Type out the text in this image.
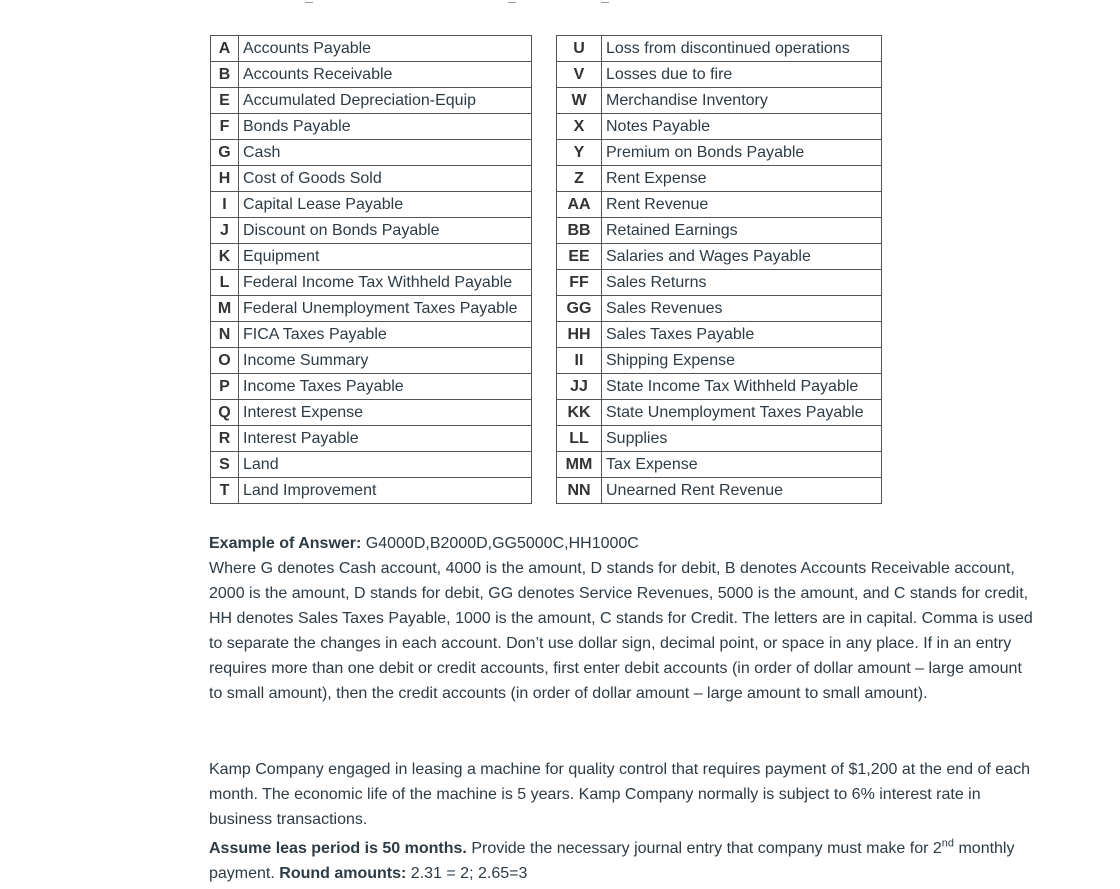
A	Accounts Payable
B	Accounts Receivable
E	Accumulated Depreciation-Equip
F	Bonds Payable
G	Cash
H	Cost of Goods Sold
I	Capital Lease Payable
J	Discount on Bonds Payable
K	Equipment
L	Federal Income Tax Withheld Payable
M	Federal Unemployment Taxes Payable
N	FICA Taxes Payable
O	Income Summary
P	Income Taxes Payable
Q	Interest Expense
R	Interest Payable
S	Land
T	Land Improvement
U	Loss from discontinued operations
V	Losses due to fire
W	Merchandise Inventory
X	Notes Payable
Y	Premium on Bonds Payable
Z	Rent Expense
AA	Rent Revenue
BB	Retained Earnings
EE	Salaries and Wages Payable
FF	Sales Returns
GG	Sales Revenues
HH	Sales Taxes Payable
II	Shipping Expense
JJ	State Income Tax Withheld Payable
KK	State Unemployment Taxes Payable
LL	Supplies
MM	Tax Expense
NN	Unearned Rent Revenue

Example of Answer: G4000D,B2000D,GG5000C,HH1000C

Where G denotes Cash account, 4000 is the amount, D stands for debit, B denotes Accounts Receivable account, 2000 is the amount, D stands for debit, GG denotes Service Revenues, 5000 is the amount, and C stands for credit, HH denotes Sales Taxes Payable, 1000 is the amount, C stands for Credit. The letters are in capital. Comma is used to separate the changes in each account. Don’t use dollar sign, decimal point, or space in any place. If in an entry requires more than one debit or credit accounts, first enter debit accounts (in order of dollar amount – large amount to small amount), then the credit accounts (in order of dollar amount – large amount to small amount).

Kamp Company engaged in leasing a machine for quality control that requires payment of $1,200 at the end of each month. The economic life of the machine is 5 years. Kamp Company normally is subject to 6% interest rate in business transactions.

Assume leas period is 50 months. Provide the necessary journal entry that company must make for 2nd monthly payment. Round amounts: 2.31 = 2; 2.65=3
